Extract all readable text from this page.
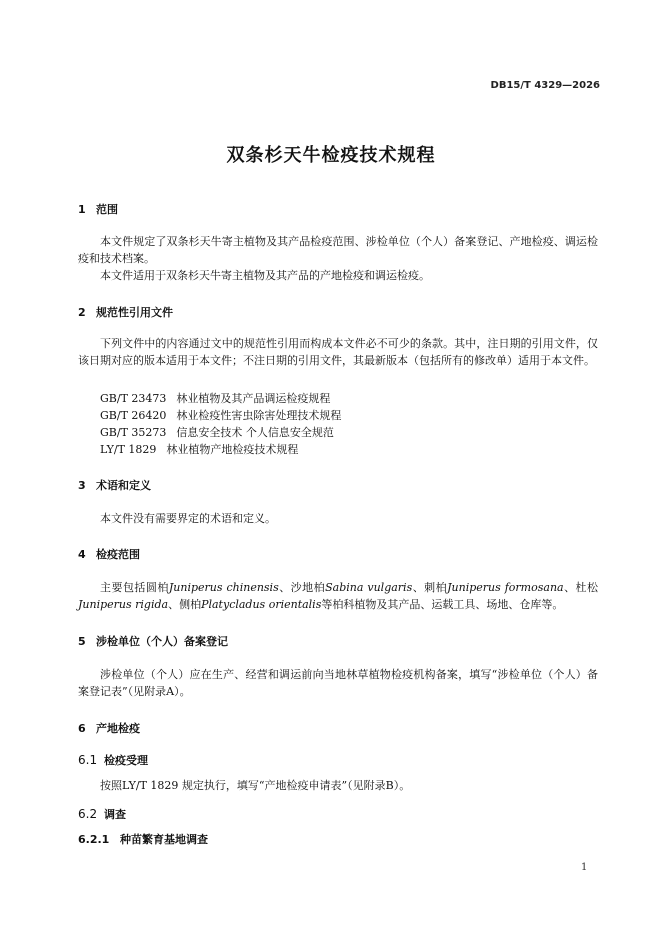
DB15/T 4329—2026
双条杉天牛检疫技术规程
1 范围
本文件规定了双条杉天牛寄主植物及其产品检疫范围、涉检单位（个人）备案登记、产地检疫、调运检疫和技术档案。
本文件适用于双条杉天牛寄主植物及其产品的产地检疫和调运检疫。
2 规范性引用文件
下列文件中的内容通过文中的规范性引用而构成本文件必不可少的条款。其中，注日期的引用文件，仅该日期对应的版本适用于本文件；不注日期的引用文件，其最新版本（包括所有的修改单）适用于本文件。
GB/T 23473 林业植物及其产品调运检疫规程
GB/T 26420 林业检疫性害虫除害处理技术规程
GB/T 35273 信息安全技术 个人信息安全规范
LY/T 1829 林业植物产地检疫技术规程
3 术语和定义
本文件没有需要界定的术语和定义。
4 检疫范围
主要包括圆柏Juniperus chinensis、沙地柏Sabina vulgaris、刺柏Juniperus formosana、杜松Juniperus rigida、侧柏Platycladus orientalis等柏科植物及其产品、运载工具、场地、仓库等。
5 涉检单位（个人）备案登记
涉检单位（个人）应在生产、经营和调运前向当地林草植物检疫机构备案，填写“涉检单位（个人）备案登记表”（见附录A）。
6 产地检疫
6.1 检疫受理
按照LY/T 1829 规定执行，填写“产地检疫申请表”（见附录B）。
6.2 调查
6.2.1 种苗繁育基地调查
1
